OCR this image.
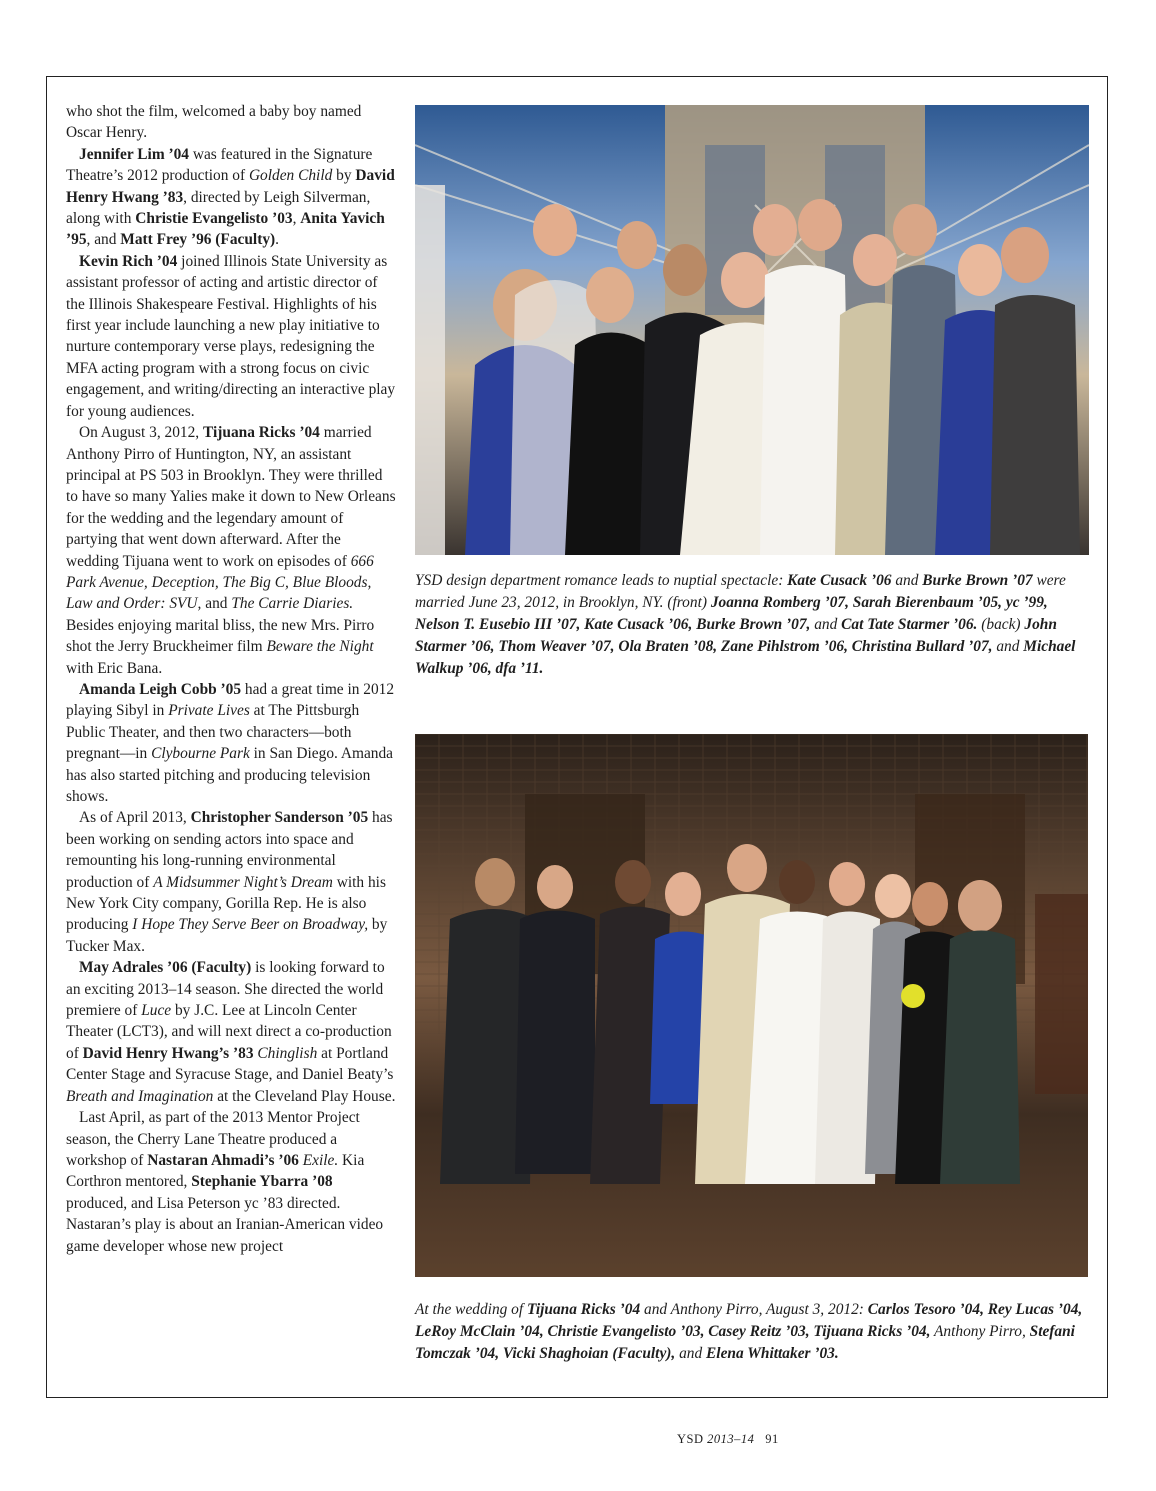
who shot the film, welcomed a baby boy named Oscar Henry.

Jennifer Lim ’04 was featured in the Signature Theatre’s 2012 production of Golden Child by David Henry Hwang ’83, directed by Leigh Silverman, along with Christie Evangelisto ’03, Anita Yavich ’95, and Matt Frey ’96 (Faculty).

Kevin Rich ’04 joined Illinois State University as assistant professor of acting and artistic director of the Illinois Shakespeare Festival. Highlights of his first year include launching a new play initiative to nurture contemporary verse plays, redesigning the MFA acting program with a strong focus on civic engagement, and writing/directing an interactive play for young audiences.

On August 3, 2012, Tijuana Ricks ’04 married Anthony Pirro of Huntington, NY, an assistant principal at PS 503 in Brooklyn. They were thrilled to have so many Yalies make it down to New Orleans for the wedding and the legendary amount of partying that went down afterward. After the wedding Tijuana went to work on episodes of 666 Park Avenue, Deception, The Big C, Blue Bloods, Law and Order: SVU, and The Carrie Diaries. Besides enjoying marital bliss, the new Mrs. Pirro shot the Jerry Bruckheimer film Beware the Night with Eric Bana.

Amanda Leigh Cobb ’05 had a great time in 2012 playing Sibyl in Private Lives at The Pittsburgh Public Theater, and then two characters—both pregnant—in Clybourne Park in San Diego. Amanda has also started pitching and producing television shows.

As of April 2013, Christopher Sanderson ’05 has been working on sending actors into space and remounting his long-running environmental production of A Midsummer Night’s Dream with his New York City company, Gorilla Rep. He is also producing I Hope They Serve Beer on Broadway, by Tucker Max.

May Adrales ’06 (Faculty) is looking forward to an exciting 2013–14 season. She directed the world premiere of Luce by J.C. Lee at Lincoln Center Theater (LCT3), and will next direct a co-production of David Henry Hwang’s ’83 Chinglish at Portland Center Stage and Syracuse Stage, and Daniel Beaty’s Breath and Imagination at the Cleveland Play House.

Last April, as part of the 2013 Mentor Project season, the Cherry Lane Theatre produced a workshop of Nastaran Ahmadi’s ’06 Exile. Kia Corthron mentored, Stephanie Ybarra ’08 produced, and Lisa Peterson yc ’83 directed. Nastaran’s play is about an Iranian-American video game developer whose new project

YSD design department romance leads to nuptial spectacle: Kate Cusack ’06 and Burke Brown ’07 were married June 23, 2012, in Brooklyn, NY. (front) Joanna Romberg ’07, Sarah Bierenbaum ’05, yc ’99, Nelson T. Eusebio III ’07, Kate Cusack ’06, Burke Brown ’07, and Cat Tate Starmer ’06. (back) John Starmer ’06, Thom Weaver ’07, Ola Braten ’08, Zane Pihlstrom ’06, Christina Bullard ’07, and Michael Walkup ’06, dfa ’11.
At the wedding of Tijuana Ricks ’04 and Anthony Pirro, August 3, 2012: Carlos Tesoro ’04, Rey Lucas ’04, LeRoy McClain ’04, Christie Evangelisto ’03, Casey Reitz ’03, Tijuana Ricks ’04, Anthony Pirro, Stefani Tomczak ’04, Vicki Shaghoian (Faculty), and Elena Whittaker ’03.
YSD 2013–14 91
